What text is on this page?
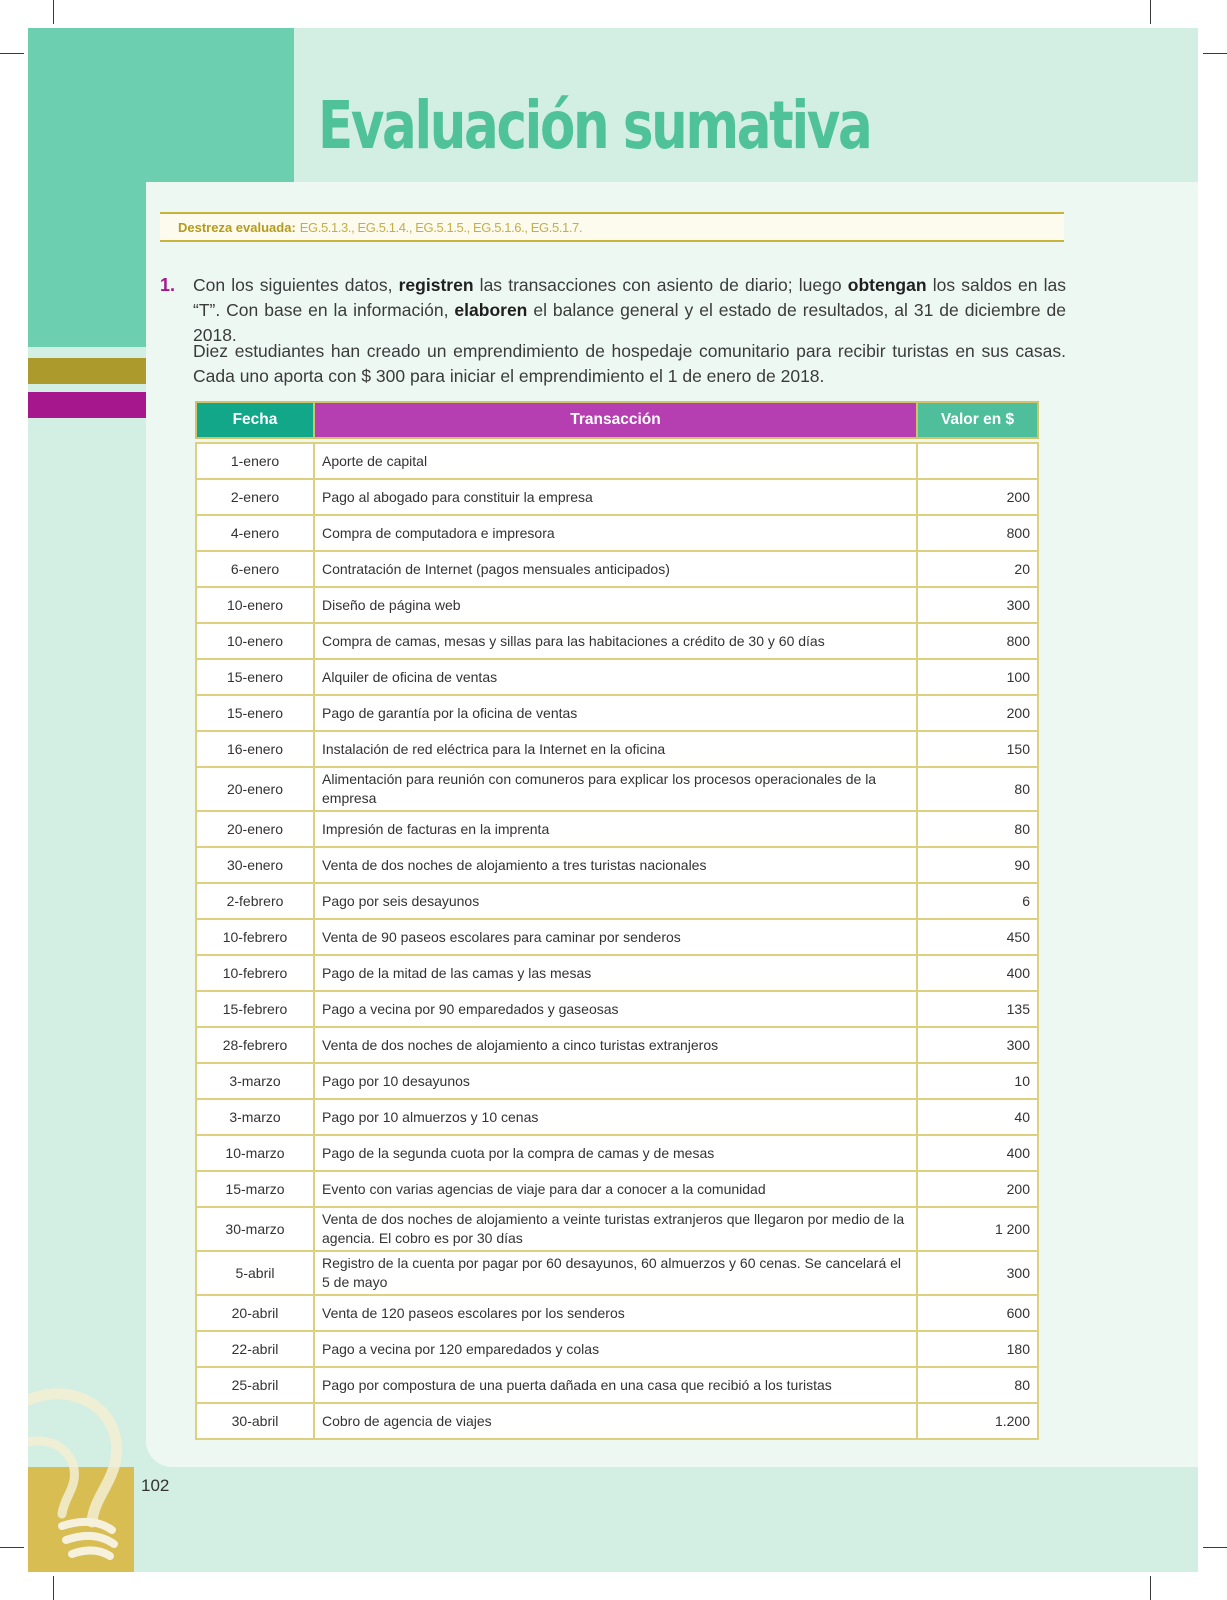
Evaluación sumativa
Destreza evaluada: EG.5.1.3., EG.5.1.4., EG.5.1.5., EG.5.1.6., EG.5.1.7.
1. Con los siguientes datos, registren las transacciones con asiento de diario; luego obtengan los saldos en las “T”. Con base en la información, elaboren el balance general y el estado de resultados, al 31 de diciembre de 2018.

Diez estudiantes han creado un emprendimiento de hospedaje comunitario para recibir turistas en sus casas. Cada uno aporta con $ 300 para iniciar el emprendimiento el 1 de enero de 2018.

Fecha	Transacción	Valor en $

1-enero	Aporte de capital	
2-enero	Pago al abogado para constituir la empresa	200
4-enero	Compra de computadora e impresora	800
6-enero	Contratación de Internet (pagos mensuales anticipados)	20
10-enero	Diseño de página web	300
10-enero	Compra de camas, mesas y sillas para las habitaciones a crédito de 30 y 60 días	800
15-enero	Alquiler de oficina de ventas	100
15-enero	Pago de garantía por la oficina de ventas	200
16-enero	Instalación de red eléctrica para la Internet en la oficina	150
20-enero	Alimentación para reunión con comuneros para explicar los procesos operacionales de la empresa	80
20-enero	Impresión de facturas en la imprenta	80
30-enero	Venta de dos noches de alojamiento a tres turistas nacionales	90
2-febrero	Pago por seis desayunos	6
10-febrero	Venta de 90 paseos escolares para caminar por senderos	450
10-febrero	Pago de la mitad de las camas y las mesas	400
15-febrero	Pago a vecina por 90 emparedados y gaseosas	135
28-febrero	Venta de dos noches de alojamiento a cinco turistas extranjeros	300
3-marzo	Pago por 10 desayunos	10
3-marzo	Pago por 10 almuerzos y 10 cenas	40
10-marzo	Pago de la segunda cuota por la compra de camas y de mesas	400
15-marzo	Evento con varias agencias de viaje para dar a conocer a la comunidad	200
30-marzo	Venta de dos noches de alojamiento a veinte turistas extranjeros que llegaron por medio de la agencia. El cobro es por 30 días	1 200
5-abril	Registro de la cuenta por pagar por 60 desayunos, 60 almuerzos y 60 cenas. Se cancelará el 5 de mayo	300
20-abril	Venta de 120 paseos escolares por los senderos	600
22-abril	Pago a vecina por 120 emparedados y colas	180
25-abril	Pago por compostura de una puerta dañada en una casa que recibió a los turistas	80
30-abril	Cobro de agencia de viajes	1.200
102
